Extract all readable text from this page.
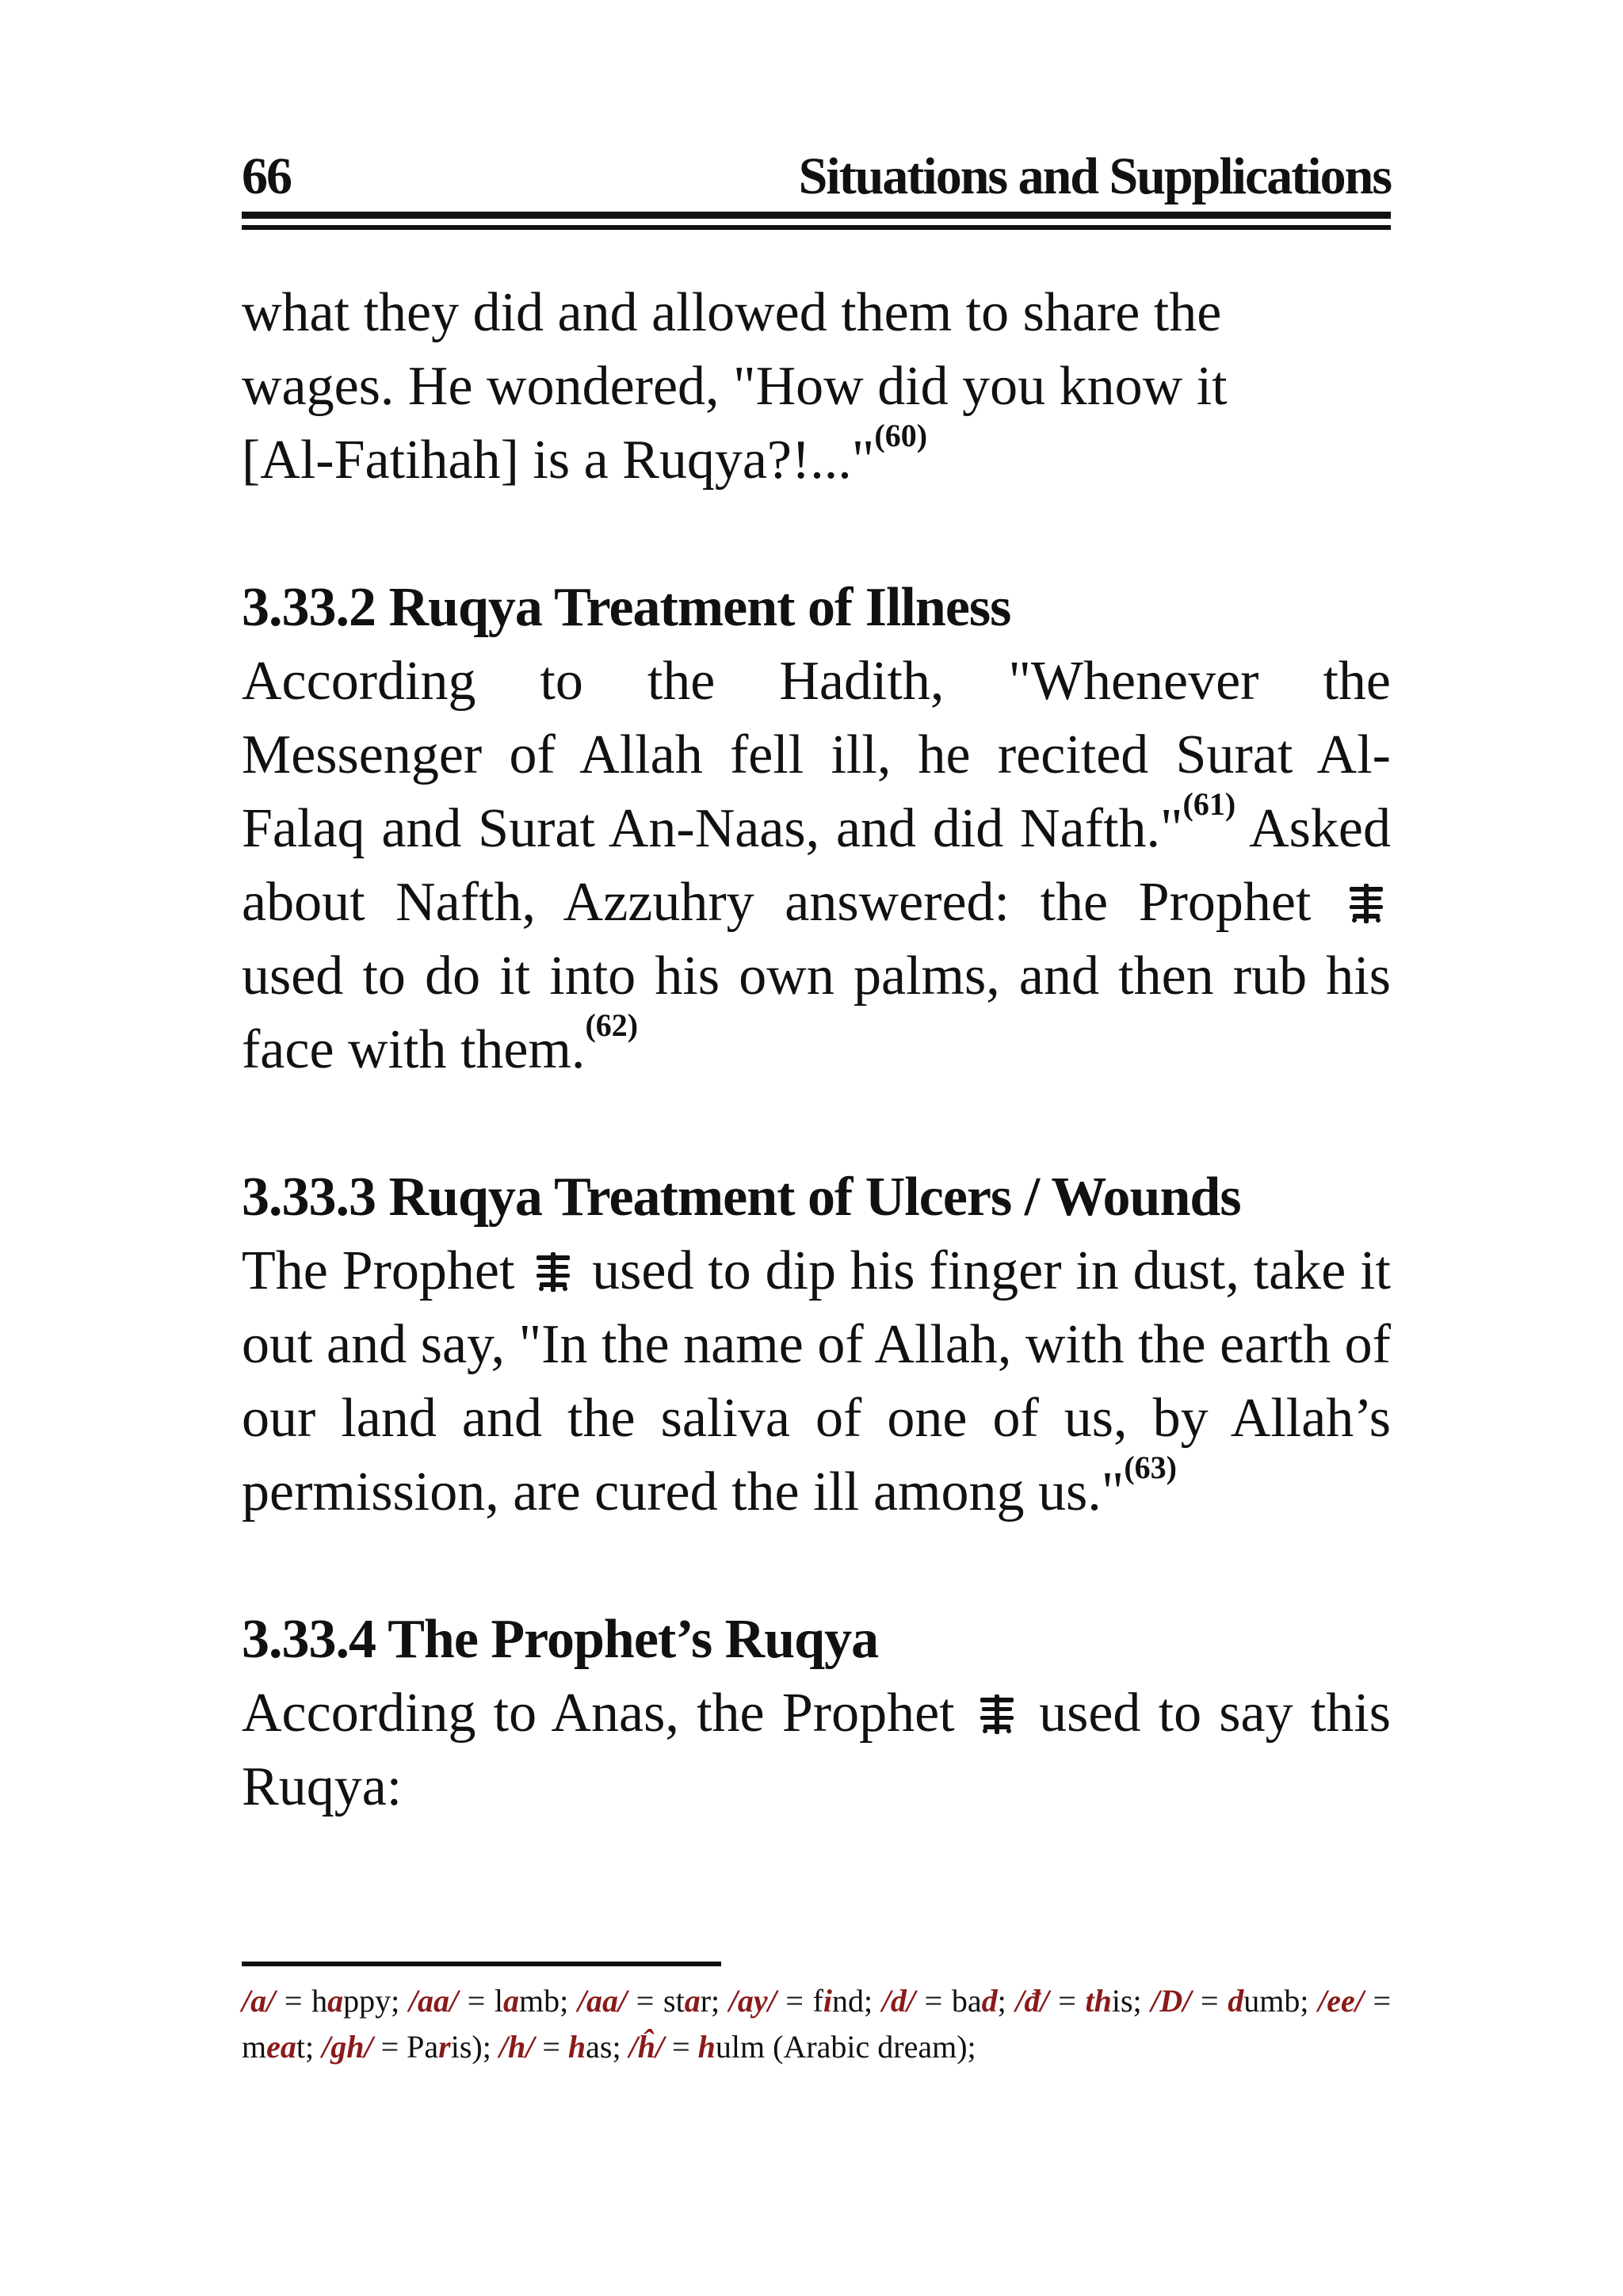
66	Situations and Supplications

what they did and allowed them to share the
wages. He wondered, "How did you know it
[Al-Fatihah] is a Ruqya?!..."$^{(60)}$

3.33.2 Ruqya Treatment of Illness

According to the Hadith, "Whenever the Messenger of Allah fell ill, he recited Surat Al-Falaq and Surat An-Naas, and did Nafth."$^{(61)}$ Asked about Nafth, Azzuhry answered: the Prophet  used to do it into his own palms, and then rub his face with them.$^{(62)}$

3.33.3 Ruqya Treatment of Ulcers / Wounds

The Prophet used to dip his finger in dust, take it out and say, "In the name of Allah, with the earth of our land and the saliva of one of us, by Allah’s permission, are cured the ill among us."$^{(63)}$

3.33.4 The Prophet’s Ruqya

According to Anas, the Prophet used to say this Ruqya:

/a/ = happy; /aa/ = lamb; /aa/ = star; /ay/ = find; /d/ = bad; /đ/ = this; /D/ = dumb; /ee/ = meat; /gh/ = Paris); /h/ = has; /ĥ/ = hulm (Arabic dream);
